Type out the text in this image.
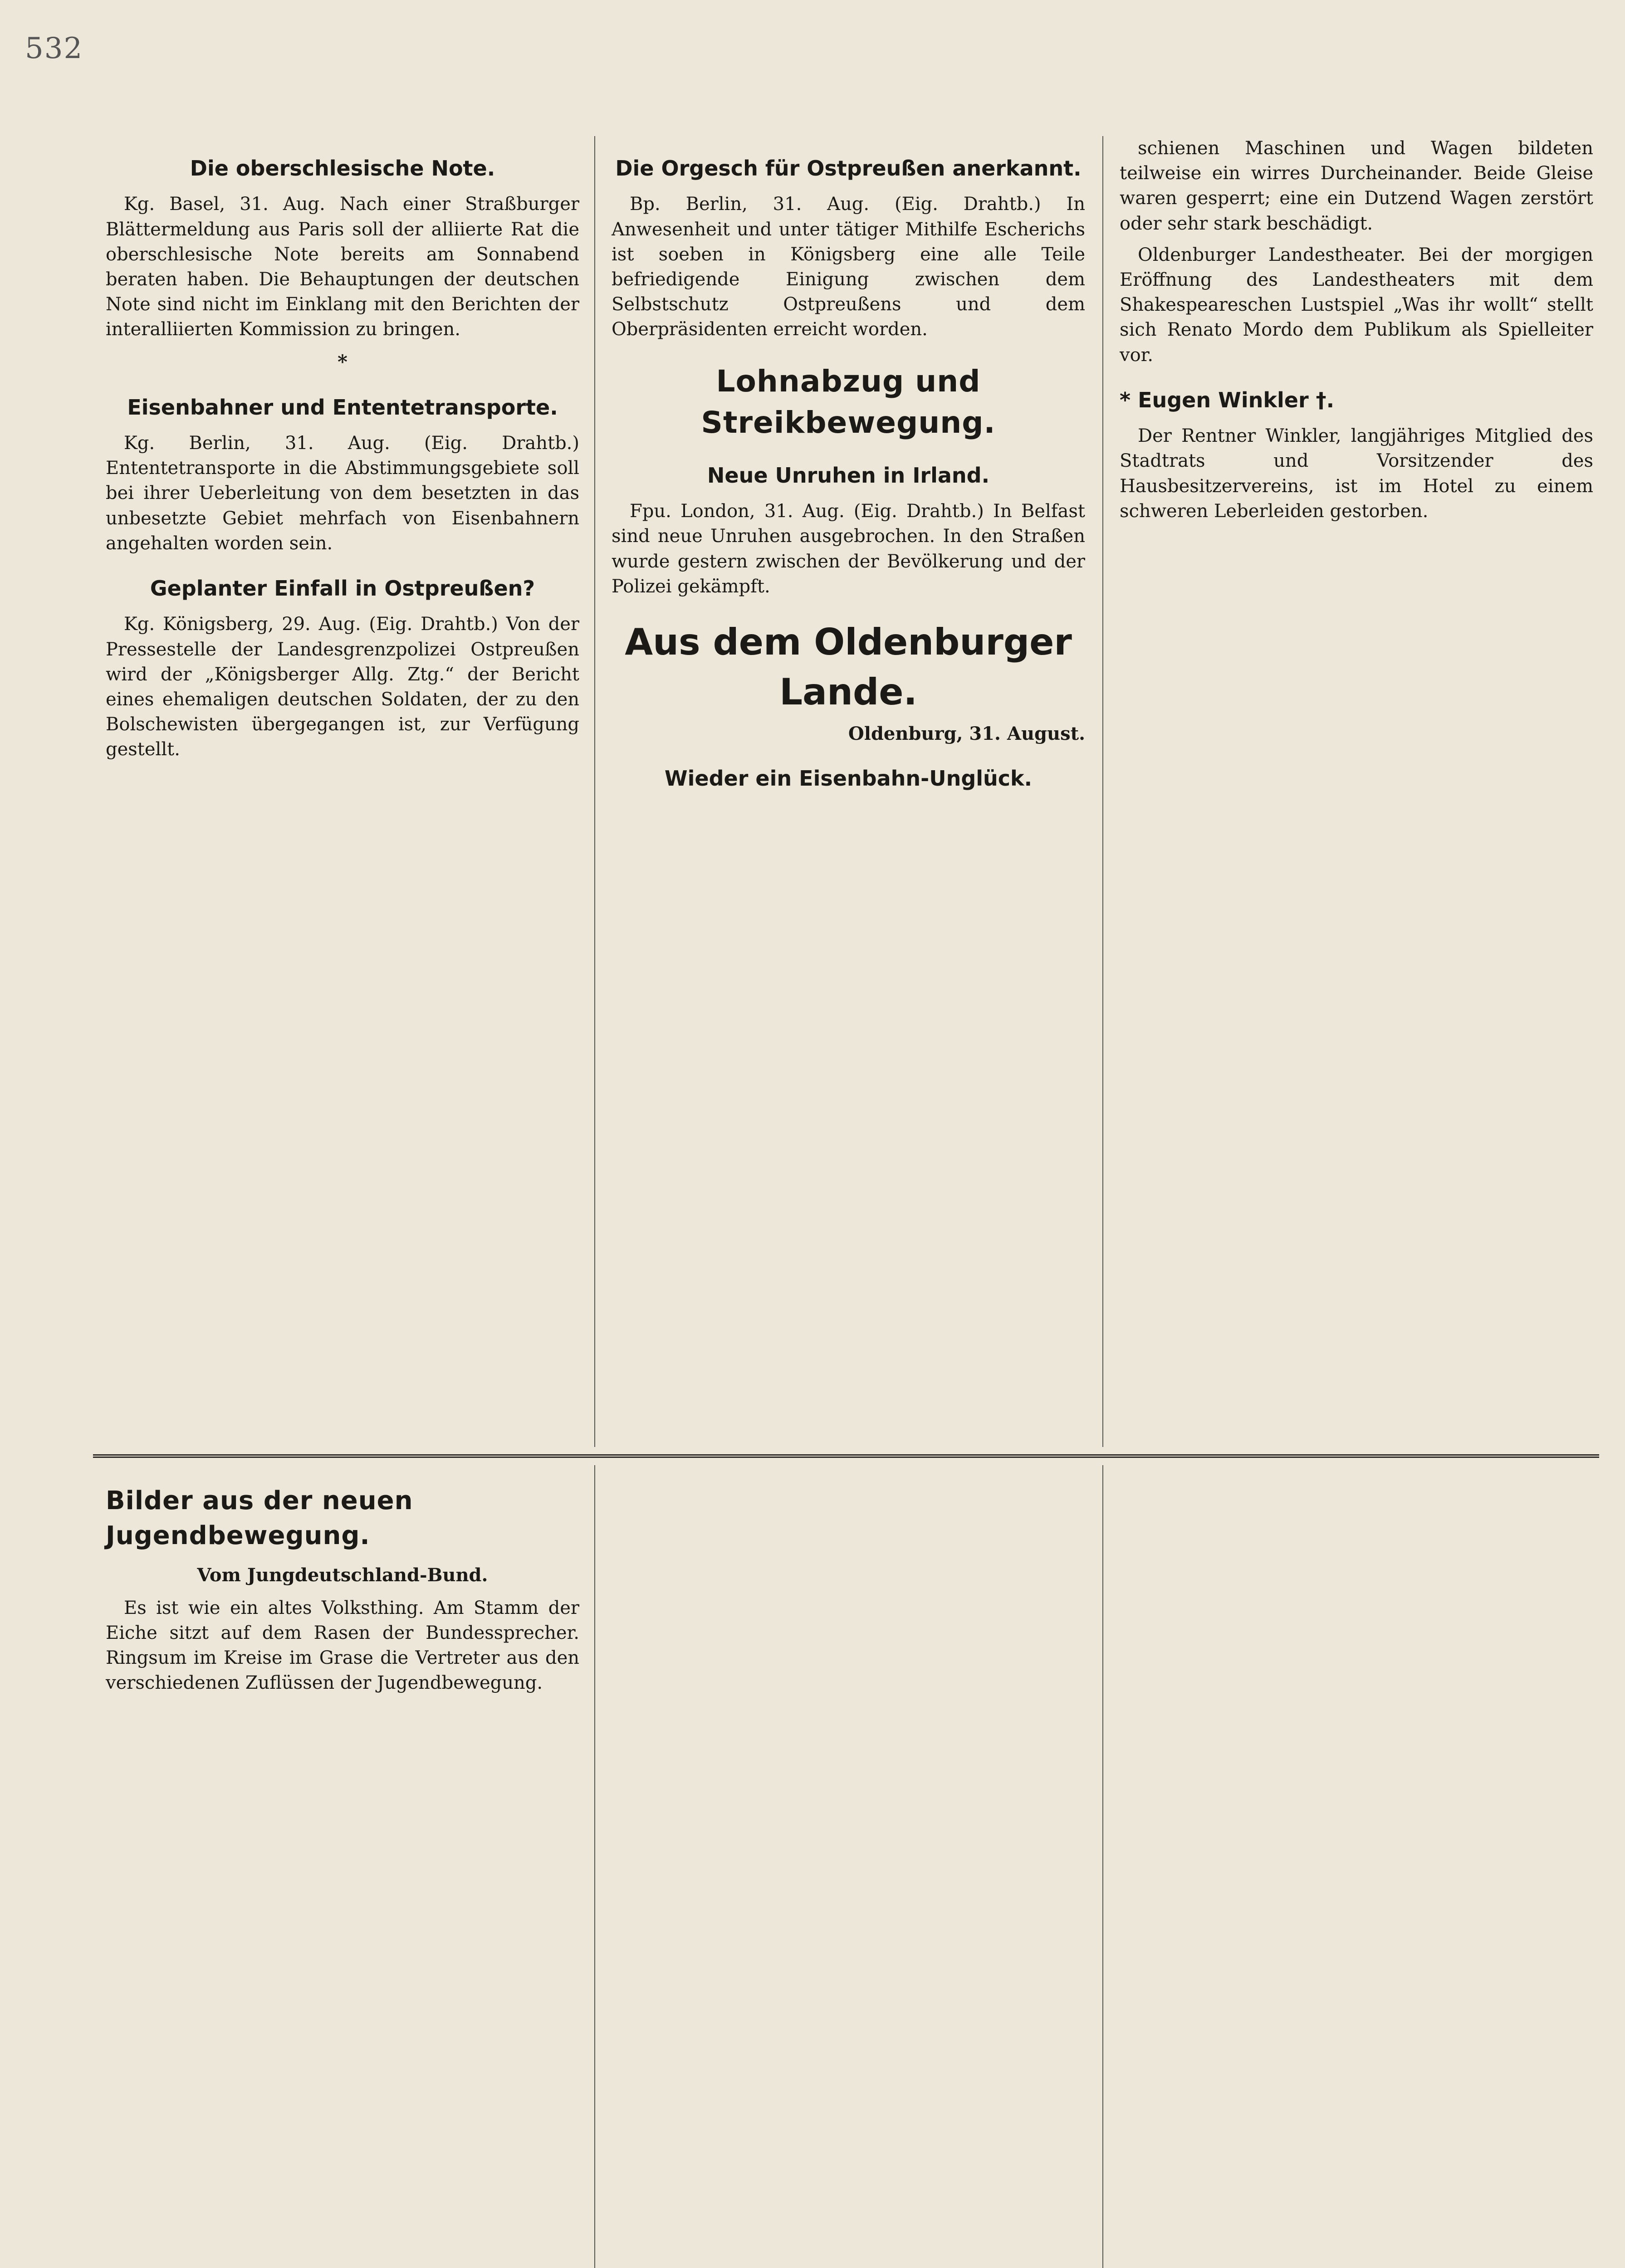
532
Die oberschlesische Note.

Kg. Basel, 31. Aug. Nach einer Straßburger Blättermeldung aus Paris soll der alliierte Rat die oberschlesische Note bereits am Sonnabend beraten haben. Die Behauptungen der deutschen Note sind nicht im Einklang mit den Berichten der interalliierten Kommission zu bringen.

*
Eisenbahner und Ententetransporte.

Kg. Berlin, 31. Aug. (Eig. Drahtb.) Ententetransporte in die Abstimmungsgebiete soll bei ihrer Ueberleitung von dem besetzten in das unbesetzte Gebiet mehrfach von Eisenbahnern angehalten worden sein.

Geplanter Einfall in Ostpreußen?

Kg. Königsberg, 29. Aug. (Eig. Drahtb.) Von der Pressestelle der Landesgrenzpolizei Ostpreußen wird der „Königsberger Allg. Ztg.“ der Bericht eines ehemaligen deutschen Soldaten, der zu den Bolschewisten übergegangen ist, zur Verfügung gestellt.

Die Orgesch für Ostpreußen anerkannt.

Bp. Berlin, 31. Aug. (Eig. Drahtb.) In Anwesenheit und unter tätiger Mithilfe Escherichs ist soeben in Königsberg eine alle Teile befriedigende Einigung zwischen dem Selbstschutz Ostpreußens und dem Oberpräsidenten erreicht worden.

Lohnabzug und Streikbewegung.
Neue Unruhen in Irland.

Fpu. London, 31. Aug. (Eig. Drahtb.) In Belfast sind neue Unruhen ausgebrochen. In den Straßen wurde gestern zwischen der Bevölkerung und der Polizei gekämpft.

Aus dem Oldenburger Lande.
Oldenburg, 31. August.
Wieder ein Eisenbahn-Unglück.

schienen Maschinen und Wagen bildeten teilweise ein wirres Durcheinander. Beide Gleise waren gesperrt; eine ein Dutzend Wagen zerstört oder sehr stark beschädigt.

Oldenburger Landestheater. Bei der morgigen Eröffnung des Landestheaters mit dem Shakespeareschen Lustspiel „Was ihr wollt“ stellt sich Renato Mordo dem Publikum als Spielleiter vor.

* Eugen Winkler †.

Der Rentner Winkler, langjähriges Mitglied des Stadtrats und Vorsitzender des Hausbesitzervereins, ist im Hotel zu einem schweren Leberleiden gestorben.

Bilder aus der neuen Jugendbewegung.
Vom Jungdeutschland-Bund.

Es ist wie ein altes Volksthing. Am Stamm der Eiche sitzt auf dem Rasen der Bundessprecher. Ringsum im Kreise im Grase die Vertreter aus den verschiedenen Zuflüssen der Jugendbewegung.
